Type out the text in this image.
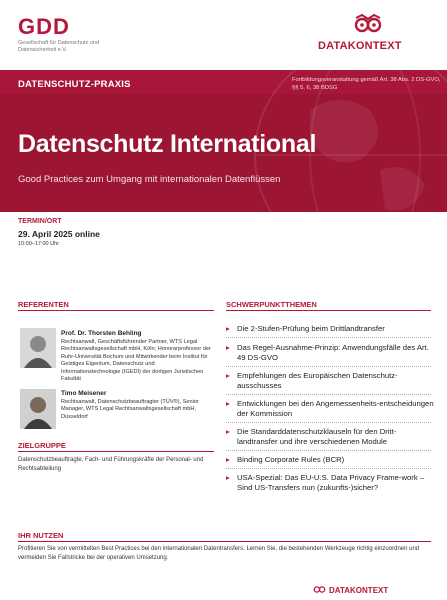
GDD
Gesellschaft für Datenschutz und Datensicherheit e.V.	DATAKONTEXT
DATENSCHUTZ-PRAXIS	Fortbildungsveranstaltung gemäß Art. 38 Abs. 2 DS-GVO, §§ 5, 6, 38 BDSG
Datenschutz International
Good Practices zum Umgang mit internationalen Datenflüssen
TERMIN/ORT
29. April 2025 online
10:00–17:00 Uhr
REFERENTEN
Prof. Dr. Thorsten Behling
Rechtsanwalt, Geschäftsführender Partner, WTS Legal Rechtsanwaltsgesellschaft mbH, Köln; Honorarprofessor der Ruhr-Universität Bochum und Mitwirkender beim Institut für Geistiges Eigentum, Datenschutz und Informationstechnologie (IGEDI) der dortigen Juristischen Fakultät
Timo Meisener
Rechtsanwalt, Datenschutzbeauftragter (TÜV®), Senior Manager, WTS Legal Rechtsanwaltsgesellschaft mbH, Düsseldorf
SCHWERPUNKTTHEMEN
▸ Die 2-Stufen-Prüfung beim Drittlandtransfer
▸ Das Regel-Ausnahme-Prinzip: Anwendungsfälle des Art. 49 DS-GVO
▸ Empfehlungen des Europäischen Datenschutz-ausschusses
▸ Entwicklungen bei den Angemessenheits-entscheidungen der Kommission
▸ Die Standarddatenschutzklauseln für den Dritt-landtransfer und ihre verschiedenen Module
▸ Binding Corporate Rules (BCR)
▸ USA-Spezial: Das EU-U.S. Data Privacy Frame-work – Sind US-Transfers nun (zukunfts-)sicher?
ZIELGRUPPE
Datenschutzbeauftragte, Fach- und Führungskräfte der Personal- und Rechtsabteilung
IHR NUTZEN
Profitieren Sie von vermittelten Best Practices bei den internationalen Datentransfers. Lernen Sie, die bestehenden Werkzeuge richtig einzuordnen und vermeiden Sie Fallstricke bei der operativen Umsetzung.
DATAKONTEXT
